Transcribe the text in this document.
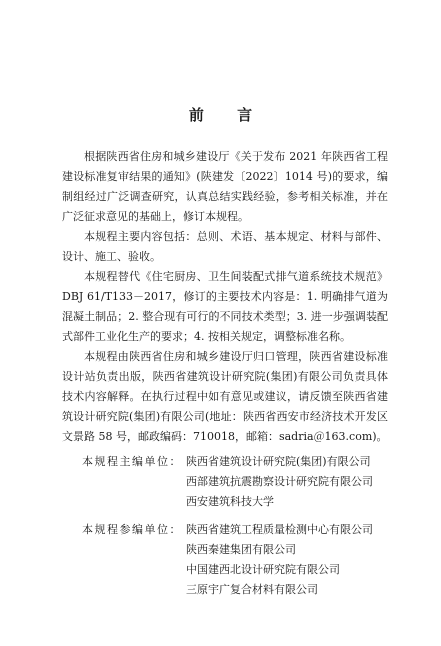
前 言

根据陕西省住房和城乡建设厅《关于发布 2021 年陕西省工程建设标准复审结果的通知》(陕建发〔2022〕1014 号)的要求，编制组经过广泛调查研究，认真总结实践经验，参考相关标准，并在广泛征求意见的基础上，修订本规程。

本规程主要内容包括：总则、术语、基本规定、材料与部件、设计、施工、验收。

本规程替代《住宅厨房、卫生间装配式排气道系统技术规范》DBJ 61/T133－2017，修订的主要技术内容是：1. 明确排气道为混凝土制品；2. 整合现有可行的不同技术类型；3. 进一步强调装配式部件工业化生产的要求；4. 按相关规定，调整标准名称。

本规程由陕西省住房和城乡建设厅归口管理，陕西省建设标准设计站负责出版，陕西省建筑设计研究院(集团)有限公司负责具体技术内容解释。在执行过程中如有意见或建议，请反馈至陕西省建筑设计研究院(集团)有限公司(地址：陕西省西安市经济技术开发区文景路 58 号，邮政编码：710018，邮箱：sadria＠163.com)。

本规程主编单位： 陕西省建筑设计研究院(集团)有限公司
西部建筑抗震勘察设计研究院有限公司
西安建筑科技大学
本规程参编单位： 陕西省建筑工程质量检测中心有限公司
陕西秦建集团有限公司
中国建西北设计研究院有限公司
三原宇广复合材料有限公司
